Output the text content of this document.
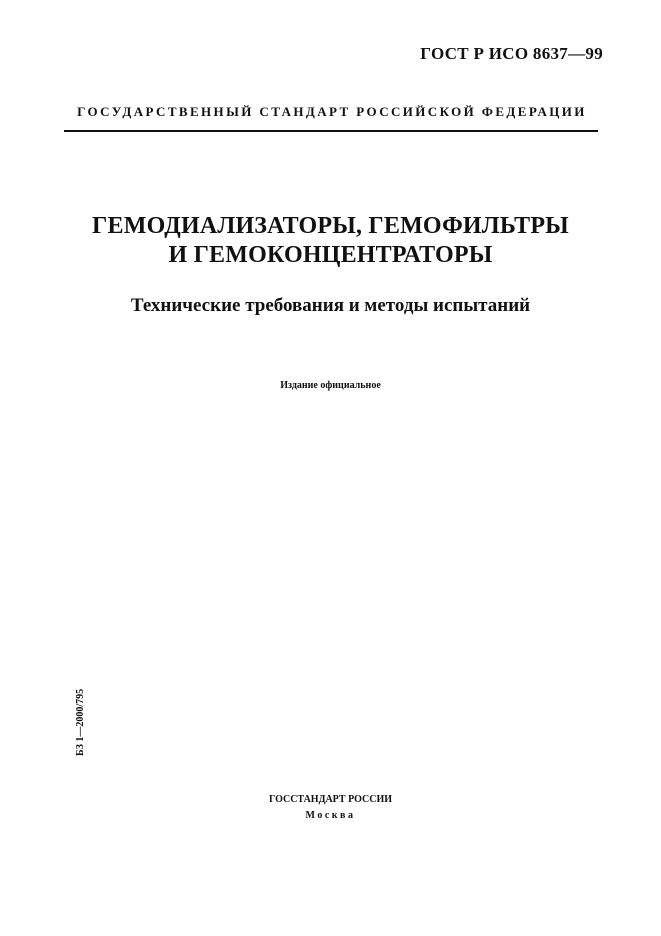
ГОСТ Р ИСО 8637—99
ГОСУДАРСТВЕННЫЙ СТАНДАРТ РОССИЙСКОЙ ФЕДЕРАЦИИ
ГЕМОДИАЛИЗАТОРЫ, ГЕМОФИЛЬТРЫ
И ГЕМОКОНЦЕНТРАТОРЫ
Технические требования и методы испытаний
Издание официальное
БЗ 1—2000/795
ГОССТАНДАРТ РОССИИ
Москва
